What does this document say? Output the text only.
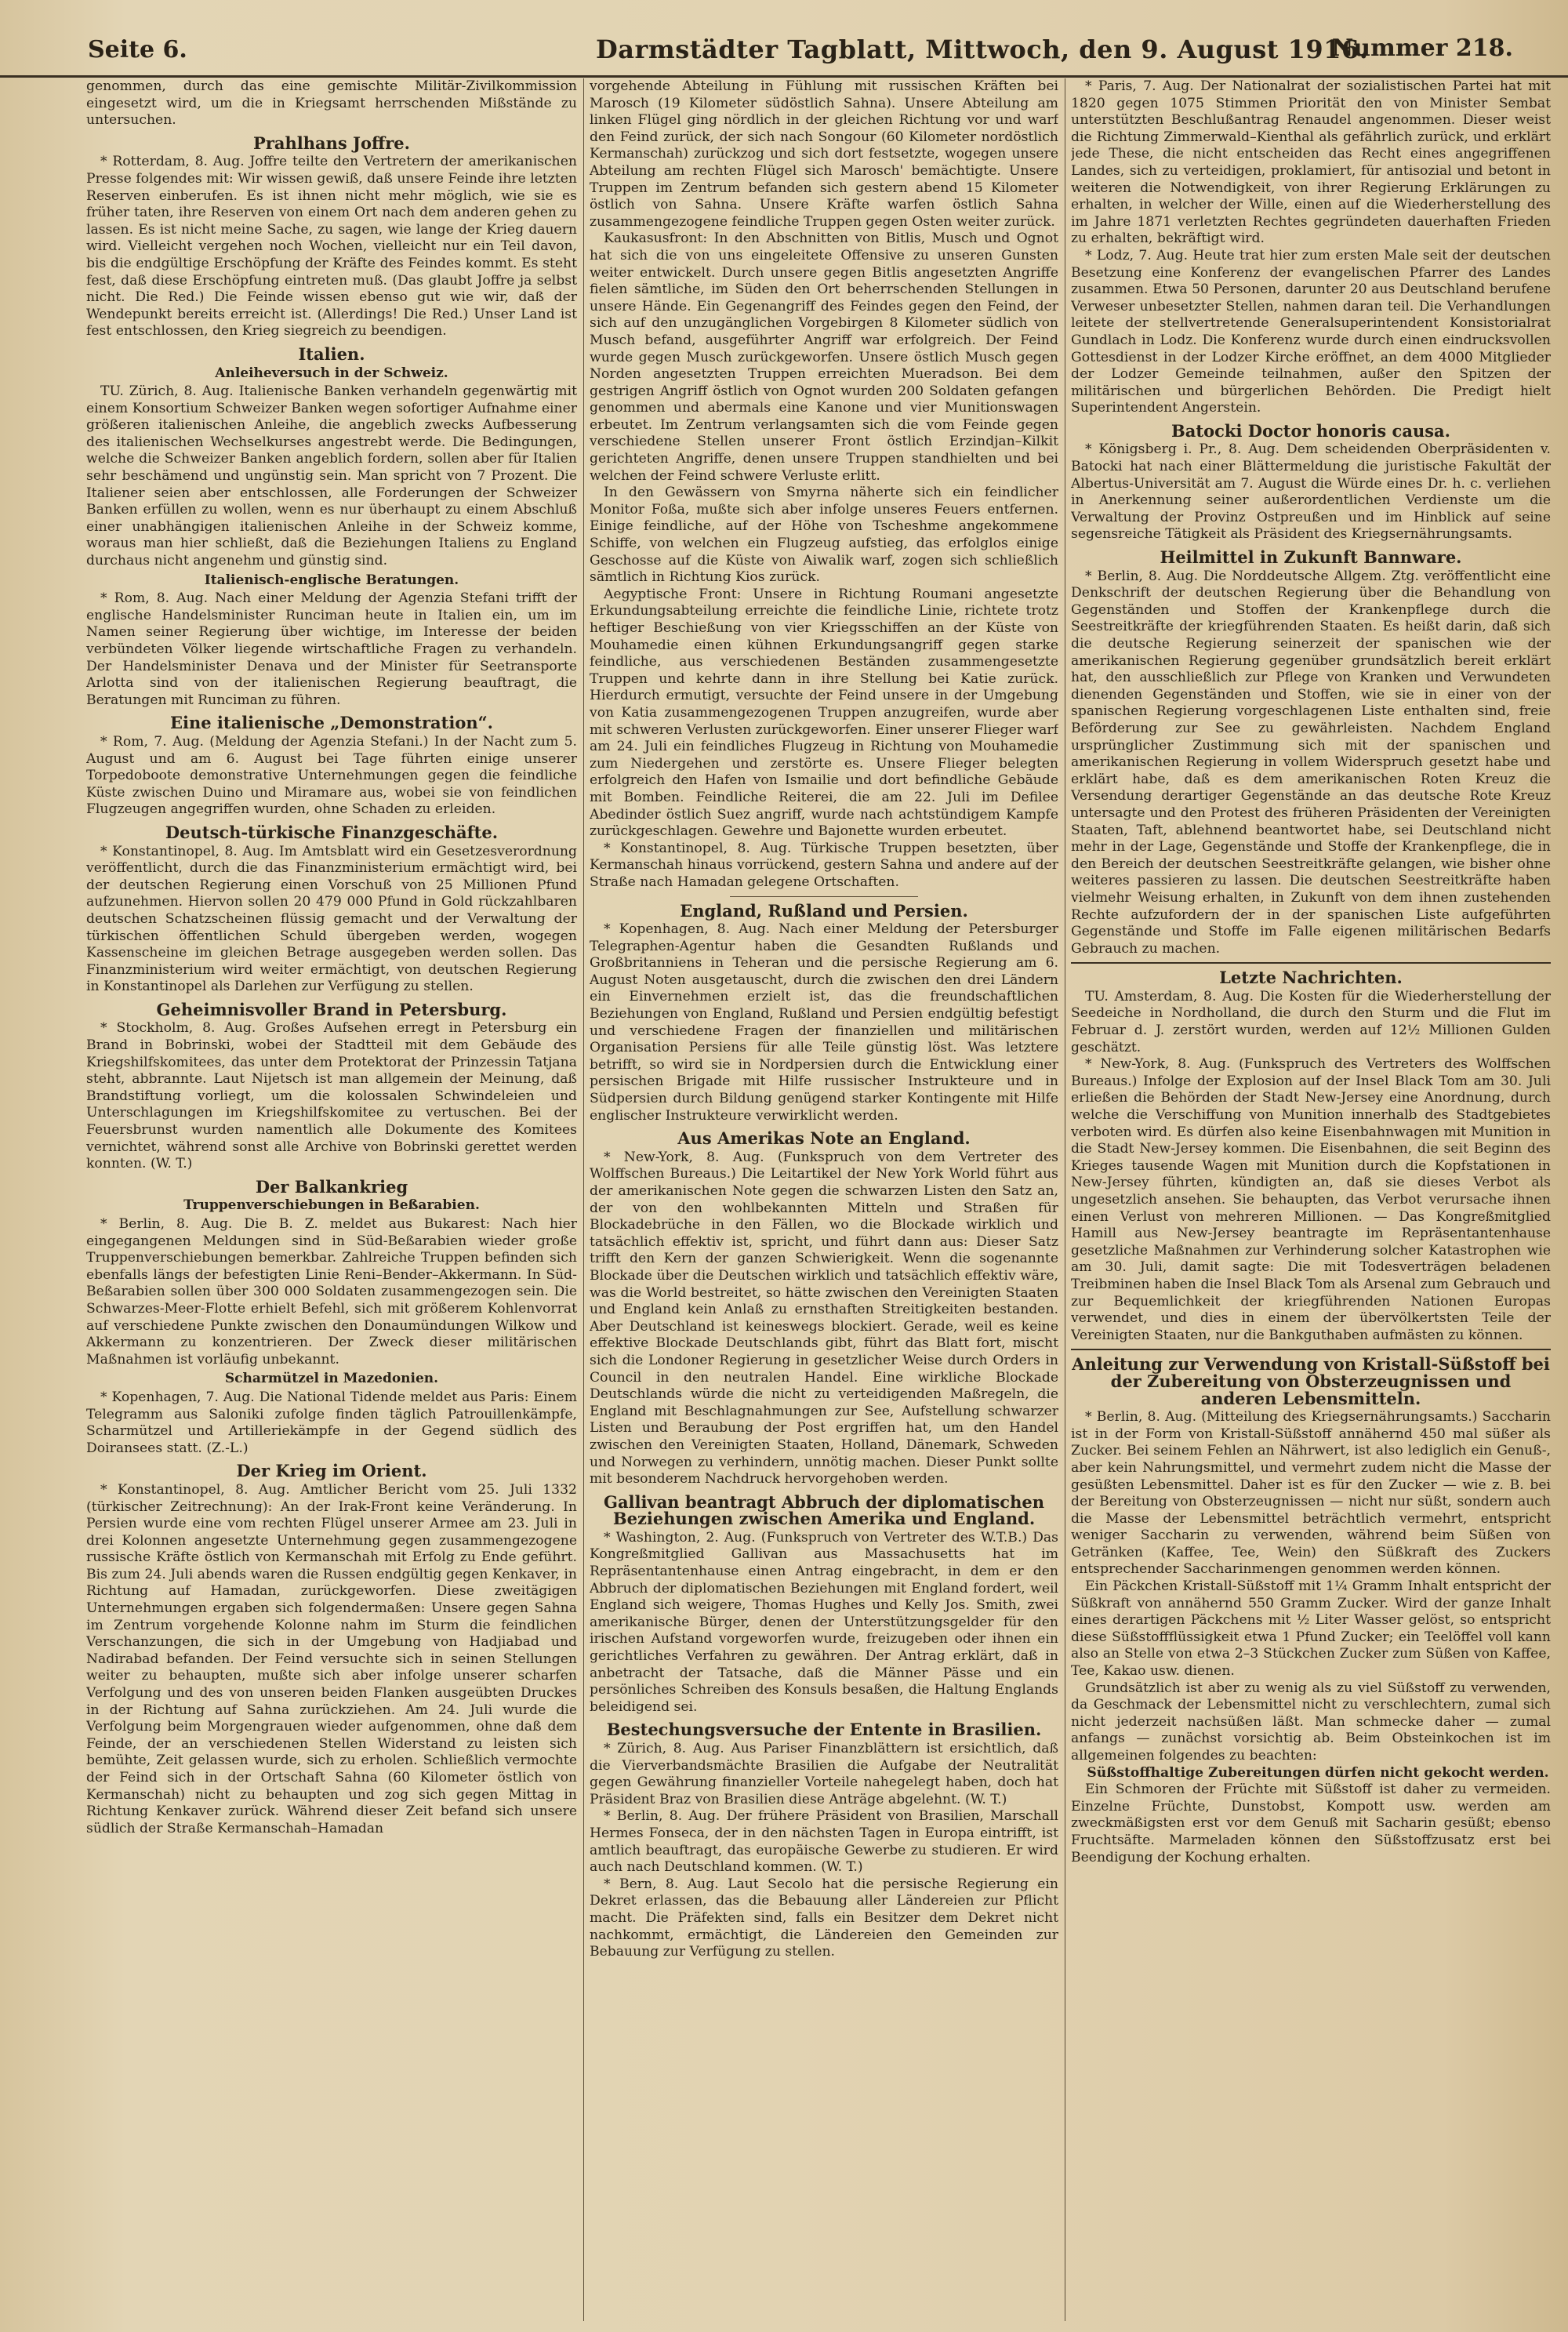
Seite 6.	Darmstädter Tagblatt, Mittwoch, den 9. August 1916.
Nummer 218.

genommen, durch das eine gemischte Militär-Zivilkommission eingesetzt wird, um die in Kriegsamt herrschenden Mißstände zu untersuchen.

Prahlhans Joffre.

* Rotterdam, 8. Aug. Joffre teilte den Vertretern der amerikanischen Presse folgendes mit: Wir wissen gewiß, daß unsere Feinde ihre letzten Reserven einberufen. Es ist ihnen nicht mehr möglich, wie sie es früher taten, ihre Reserven von einem Ort nach dem anderen gehen zu lassen. Es ist nicht meine Sache, zu sagen, wie lange der Krieg dauern wird. Vielleicht vergehen noch Wochen, vielleicht nur ein Teil davon, bis die endgültige Erschöpfung der Kräfte des Feindes kommt. Es steht fest, daß diese Erschöpfung eintreten muß. (Das glaubt Joffre ja selbst nicht. Die Red.) Die Feinde wissen ebenso gut wie wir, daß der Wendepunkt bereits erreicht ist. (Allerdings! Die Red.) Unser Land ist fest entschlossen, den Krieg siegreich zu beendigen.

Italien.
Anleiheversuch in der Schweiz.

TU. Zürich, 8. Aug. Italienische Banken verhandeln gegenwärtig mit einem Konsortium Schweizer Banken wegen sofortiger Aufnahme einer größeren italienischen Anleihe, die angeblich zwecks Aufbesserung des italienischen Wechselkurses angestrebt werde. Die Bedingungen, welche die Schweizer Banken angeblich fordern, sollen aber für Italien sehr beschämend und ungünstig sein. Man spricht von 7 Prozent. Die Italiener seien aber entschlossen, alle Forderungen der Schweizer Banken erfüllen zu wollen, wenn es nur überhaupt zu einem Abschluß einer unabhängigen italienischen Anleihe in der Schweiz komme, woraus man hier schließt, daß die Beziehungen Italiens zu England durchaus nicht angenehm und günstig sind.

Italienisch-englische Beratungen.

* Rom, 8. Aug. Nach einer Meldung der Agenzia Stefani trifft der englische Handelsminister Runciman heute in Italien ein, um im Namen seiner Regierung über wichtige, im Interesse der beiden verbündeten Völker liegende wirtschaftliche Fragen zu verhandeln. Der Handelsminister Denava und der Minister für Seetransporte Arlotta sind von der italienischen Regierung beauftragt, die Beratungen mit Runciman zu führen.

Eine italienische „Demonstration“.

* Rom, 7. Aug. (Meldung der Agenzia Stefani.) In der Nacht zum 5. August und am 6. August bei Tage führten einige unserer Torpedoboote demonstrative Unternehmungen gegen die feindliche Küste zwischen Duino und Miramare aus, wobei sie von feindlichen Flugzeugen angegriffen wurden, ohne Schaden zu erleiden.

Deutsch-türkische Finanzgeschäfte.

* Konstantinopel, 8. Aug. Im Amtsblatt wird ein Gesetzesverordnung veröffentlicht, durch die das Finanzministerium ermächtigt wird, bei der deutschen Regierung einen Vorschuß von 25 Millionen Pfund aufzunehmen. Hiervon sollen 20 479 000 Pfund in Gold rückzahlbaren deutschen Schatzscheinen flüssig gemacht und der Verwaltung der türkischen öffentlichen Schuld übergeben werden, wogegen Kassenscheine im gleichen Betrage ausgegeben werden sollen. Das Finanzministerium wird weiter ermächtigt, von deutschen Regierung in Konstantinopel als Darlehen zur Verfügung zu stellen.

Geheimnisvoller Brand in Petersburg.

* Stockholm, 8. Aug. Großes Aufsehen erregt in Petersburg ein Brand in Bobrinski, wobei der Stadtteil mit dem Gebäude des Kriegshilfskomitees, das unter dem Protektorat der Prinzessin Tatjana steht, abbrannte. Laut Nijetsch ist man allgemein der Meinung, daß Brandstiftung vorliegt, um die kolossalen Schwindeleien und Unterschlagungen im Kriegshilfskomitee zu vertuschen. Bei der Feuersbrunst wurden namentlich alle Dokumente des Komitees vernichtet, während sonst alle Archive von Bobrinski gerettet werden konnten. (W. T.)

Der Balkankrieg
Truppenverschiebungen in Beßarabien.

* Berlin, 8. Aug. Die B. Z. meldet aus Bukarest: Nach hier eingegangenen Meldungen sind in Süd-Beßarabien wieder große Truppenverschiebungen bemerkbar. Zahlreiche Truppen befinden sich ebenfalls längs der befestigten Linie Reni–Bender–Akkermann. In Süd-Beßarabien sollen über 300 000 Soldaten zusammengezogen sein. Die Schwarzes-Meer-Flotte erhielt Befehl, sich mit größerem Kohlenvorrat auf verschiedene Punkte zwischen den Donaumündungen Wilkow und Akkermann zu konzentrieren. Der Zweck dieser militärischen Maßnahmen ist vorläufig unbekannt.

Scharmützel in Mazedonien.

* Kopenhagen, 7. Aug. Die National Tidende meldet aus Paris: Einem Telegramm aus Saloniki zufolge finden täglich Patrouillenkämpfe, Scharmützel und Artilleriekämpfe in der Gegend südlich des Doiransees statt. (Z.-L.)

Der Krieg im Orient.

* Konstantinopel, 8. Aug. Amtlicher Bericht vom 25. Juli 1332 (türkischer Zeitrechnung): An der Irak-Front keine Veränderung. In Persien wurde eine vom rechten Flügel unserer Armee am 23. Juli in drei Kolonnen angesetzte Unternehmung gegen zusammengezogene russische Kräfte östlich von Kermanschah mit Erfolg zu Ende geführt. Bis zum 24. Juli abends waren die Russen endgültig gegen Kenkaver, in Richtung auf Hamadan, zurückgeworfen. Diese zweitägigen Unternehmungen ergaben sich folgendermaßen: Unsere gegen Sahna im Zentrum vorgehende Kolonne nahm im Sturm die feindlichen Verschanzungen, die sich in der Umgebung von Hadjiabad und Nadirabad befanden. Der Feind versuchte sich in seinen Stellungen weiter zu behaupten, mußte sich aber infolge unserer scharfen Verfolgung und des von unseren beiden Flanken ausgeübten Druckes in der Richtung auf Sahna zurückziehen. Am 24. Juli wurde die Verfolgung beim Morgengrauen wieder aufgenommen, ohne daß dem Feinde, der an verschiedenen Stellen Widerstand zu leisten sich bemühte, Zeit gelassen wurde, sich zu erholen. Schließlich vermochte der Feind sich in der Ortschaft Sahna (60 Kilometer östlich von Kermanschah) nicht zu behaupten und zog sich gegen Mittag in Richtung Kenkaver zurück. Während dieser Zeit befand sich unsere südlich der Straße Kermanschah–Hamadan

vorgehende Abteilung in Fühlung mit russischen Kräften bei Marosch (19 Kilometer südöstlich Sahna). Unsere Abteilung am linken Flügel ging nördlich in der gleichen Richtung vor und warf den Feind zurück, der sich nach Songour (60 Kilometer nordöstlich Kermanschah) zurückzog und sich dort festsetzte, wogegen unsere Abteilung am rechten Flügel sich Marosch' bemächtigte. Unsere Truppen im Zentrum befanden sich gestern abend 15 Kilometer östlich von Sahna. Unsere Kräfte warfen östlich Sahna zusammengezogene feindliche Truppen gegen Osten weiter zurück.

Kaukasusfront: In den Abschnitten von Bitlis, Musch und Ognot hat sich die von uns eingeleitete Offensive zu unseren Gunsten weiter entwickelt. Durch unsere gegen Bitlis angesetzten Angriffe fielen sämtliche, im Süden den Ort beherrschenden Stellungen in unsere Hände. Ein Gegenangriff des Feindes gegen den Feind, der sich auf den unzugänglichen Vorgebirgen 8 Kilometer südlich von Musch befand, ausgeführter Angriff war erfolgreich. Der Feind wurde gegen Musch zurückgeworfen. Unsere östlich Musch gegen Norden angesetzten Truppen erreichten Mueradson. Bei dem gestrigen Angriff östlich von Ognot wurden 200 Soldaten gefangen genommen und abermals eine Kanone und vier Munitionswagen erbeutet. Im Zentrum verlangsamten sich die vom Feinde gegen verschiedene Stellen unserer Front östlich Erzindjan–Kilkit gerichteten Angriffe, denen unsere Truppen standhielten und bei welchen der Feind schwere Verluste erlitt.

In den Gewässern von Smyrna näherte sich ein feindlicher Monitor Foßa, mußte sich aber infolge unseres Feuers entfernen. Einige feindliche, auf der Höhe von Tscheshme angekommene Schiffe, von welchen ein Flugzeug aufstieg, das erfolglos einige Geschosse auf die Küste von Aiwalik warf, zogen sich schließlich sämtlich in Richtung Kios zurück.

Aegyptische Front: Unsere in Richtung Roumani angesetzte Erkundungsabteilung erreichte die feindliche Linie, richtete trotz heftiger Beschießung von vier Kriegsschiffen an der Küste von Mouhamedie einen kühnen Erkundungsangriff gegen starke feindliche, aus verschiedenen Beständen zusammengesetzte Truppen und kehrte dann in ihre Stellung bei Katie zurück. Hierdurch ermutigt, versuchte der Feind unsere in der Umgebung von Katia zusammengezogenen Truppen anzugreifen, wurde aber mit schweren Verlusten zurückgeworfen. Einer unserer Flieger warf am 24. Juli ein feindliches Flugzeug in Richtung von Mouhamedie zum Niedergehen und zerstörte es. Unsere Flieger belegten erfolgreich den Hafen von Ismailie und dort befindliche Gebäude mit Bomben. Feindliche Reiterei, die am 22. Juli im Defilee Abedinder östlich Suez angriff, wurde nach achtstündigem Kampfe zurückgeschlagen. Gewehre und Bajonette wurden erbeutet.

* Konstantinopel, 8. Aug. Türkische Truppen besetzten, über Kermanschah hinaus vorrückend, gestern Sahna und andere auf der Straße nach Hamadan gelegene Ortschaften.

England, Rußland und Persien.

* Kopenhagen, 8. Aug. Nach einer Meldung der Petersburger Telegraphen-Agentur haben die Gesandten Rußlands und Großbritanniens in Teheran und die persische Regierung am 6. August Noten ausgetauscht, durch die zwischen den drei Ländern ein Einvernehmen erzielt ist, das die freundschaftlichen Beziehungen von England, Rußland und Persien endgültig befestigt und verschiedene Fragen der finanziellen und militärischen Organisation Persiens für alle Teile günstig löst. Was letztere betrifft, so wird sie in Nordpersien durch die Entwicklung einer persischen Brigade mit Hilfe russischer Instrukteure und in Südpersien durch Bildung genügend starker Kontingente mit Hilfe englischer Instrukteure verwirklicht werden.

Aus Amerikas Note an England.

* New-York, 8. Aug. (Funkspruch von dem Vertreter des Wolffschen Bureaus.) Die Leitartikel der New York World führt aus der amerikanischen Note gegen die schwarzen Listen den Satz an, der von den wohlbekannten Mitteln und Straßen für Blockadebrüche in den Fällen, wo die Blockade wirklich und tatsächlich effektiv ist, spricht, und führt dann aus: Dieser Satz trifft den Kern der ganzen Schwierigkeit. Wenn die sogenannte Blockade über die Deutschen wirklich und tatsächlich effektiv wäre, was die World bestreitet, so hätte zwischen den Vereinigten Staaten und England kein Anlaß zu ernsthaften Streitigkeiten bestanden. Aber Deutschland ist keineswegs blockiert. Gerade, weil es keine effektive Blockade Deutschlands gibt, führt das Blatt fort, mischt sich die Londoner Regierung in gesetzlicher Weise durch Orders in Council in den neutralen Handel. Eine wirkliche Blockade Deutschlands würde die nicht zu verteidigenden Maßregeln, die England mit Beschlagnahmungen zur See, Aufstellung schwarzer Listen und Beraubung der Post ergriffen hat, um den Handel zwischen den Vereinigten Staaten, Holland, Dänemark, Schweden und Norwegen zu verhindern, unnötig machen. Dieser Punkt sollte mit besonderem Nachdruck hervorgehoben werden.

Gallivan beantragt Abbruch der diplomatischen Beziehungen zwischen Amerika und England.

* Washington, 2. Aug. (Funkspruch von Vertreter des W.T.B.) Das Kongreßmitglied Gallivan aus Massachusetts hat im Repräsentantenhause einen Antrag eingebracht, in dem er den Abbruch der diplomatischen Beziehungen mit England fordert, weil England sich weigere, Thomas Hughes und Kelly Jos. Smith, zwei amerikanische Bürger, denen der Unterstützungsgelder für den irischen Aufstand vorgeworfen wurde, freizugeben oder ihnen ein gerichtliches Verfahren zu gewähren. Der Antrag erklärt, daß in anbetracht der Tatsache, daß die Männer Pässe und ein persönliches Schreiben des Konsuls besaßen, die Haltung Englands beleidigend sei.

Bestechungsversuche der Entente in Brasilien.

* Zürich, 8. Aug. Aus Pariser Finanzblättern ist ersichtlich, daß die Vierverbandsmächte Brasilien die Aufgabe der Neutralität gegen Gewährung finanzieller Vorteile nahegelegt haben, doch hat Präsident Braz von Brasilien diese Anträge abgelehnt. (W. T.)

* Berlin, 8. Aug. Der frühere Präsident von Brasilien, Marschall Hermes Fonseca, der in den nächsten Tagen in Europa eintrifft, ist amtlich beauftragt, das europäische Gewerbe zu studieren. Er wird auch nach Deutschland kommen. (W. T.)

* Bern, 8. Aug. Laut Secolo hat die persische Regierung ein Dekret erlassen, das die Bebauung aller Ländereien zur Pflicht macht. Die Präfekten sind, falls ein Besitzer dem Dekret nicht nachkommt, ermächtigt, die Ländereien den Gemeinden zur Bebauung zur Verfügung zu stellen.

* Paris, 7. Aug. Der Nationalrat der sozialistischen Partei hat mit 1820 gegen 1075 Stimmen Priorität den von Minister Sembat unterstützten Beschlußantrag Renaudel angenommen. Dieser weist die Richtung Zimmerwald–Kienthal als gefährlich zurück, und erklärt jede These, die nicht entscheiden das Recht eines angegriffenen Landes, sich zu verteidigen, proklamiert, für antisozial und betont in weiteren die Notwendigkeit, von ihrer Regierung Erklärungen zu erhalten, in welcher der Wille, einen auf die Wiederherstellung des im Jahre 1871 verletzten Rechtes gegründeten dauerhaften Frieden zu erhalten, bekräftigt wird.

* Lodz, 7. Aug. Heute trat hier zum ersten Male seit der deutschen Besetzung eine Konferenz der evangelischen Pfarrer des Landes zusammen. Etwa 50 Personen, darunter 20 aus Deutschland berufene Verweser unbesetzter Stellen, nahmen daran teil. Die Verhandlungen leitete der stellvertretende Generalsuperintendent Konsistorialrat Gundlach in Lodz. Die Konferenz wurde durch einen eindrucksvollen Gottesdienst in der Lodzer Kirche eröffnet, an dem 4000 Mitglieder der Lodzer Gemeinde teilnahmen, außer den Spitzen der militärischen und bürgerlichen Behörden. Die Predigt hielt Superintendent Angerstein.

Batocki Doctor honoris causa.

* Königsberg i. Pr., 8. Aug. Dem scheidenden Oberpräsidenten v. Batocki hat nach einer Blättermeldung die juristische Fakultät der Albertus-Universität am 7. August die Würde eines Dr. h. c. verliehen in Anerkennung seiner außerordentlichen Verdienste um die Verwaltung der Provinz Ostpreußen und im Hinblick auf seine segensreiche Tätigkeit als Präsident des Kriegsernährungsamts.

Heilmittel in Zukunft Bannware.

* Berlin, 8. Aug. Die Norddeutsche Allgem. Ztg. veröffentlicht eine Denkschrift der deutschen Regierung über die Behandlung von Gegenständen und Stoffen der Krankenpflege durch die Seestreitkräfte der kriegführenden Staaten. Es heißt darin, daß sich die deutsche Regierung seinerzeit der spanischen wie der amerikanischen Regierung gegenüber grundsätzlich bereit erklärt hat, den ausschließlich zur Pflege von Kranken und Verwundeten dienenden Gegenständen und Stoffen, wie sie in einer von der spanischen Regierung vorgeschlagenen Liste enthalten sind, freie Beförderung zur See zu gewährleisten. Nachdem England ursprünglicher Zustimmung sich mit der spanischen und amerikanischen Regierung in vollem Widerspruch gesetzt habe und erklärt habe, daß es dem amerikanischen Roten Kreuz die Versendung derartiger Gegenstände an das deutsche Rote Kreuz untersagte und den Protest des früheren Präsidenten der Vereinigten Staaten, Taft, ablehnend beantwortet habe, sei Deutschland nicht mehr in der Lage, Gegenstände und Stoffe der Krankenpflege, die in den Bereich der deutschen Seestreitkräfte gelangen, wie bisher ohne weiteres passieren zu lassen. Die deutschen Seestreitkräfte haben vielmehr Weisung erhalten, in Zukunft von dem ihnen zustehenden Rechte aufzufordern der in der spanischen Liste aufgeführten Gegenstände und Stoffe im Falle eigenen militärischen Bedarfs Gebrauch zu machen.

Letzte Nachrichten.

TU. Amsterdam, 8. Aug. Die Kosten für die Wiederherstellung der Seedeiche in Nordholland, die durch den Sturm und die Flut im Februar d. J. zerstört wurden, werden auf 12½ Millionen Gulden geschätzt.

* New-York, 8. Aug. (Funkspruch des Vertreters des Wolffschen Bureaus.) Infolge der Explosion auf der Insel Black Tom am 30. Juli erließen die Behörden der Stadt New-Jersey eine Anordnung, durch welche die Verschiffung von Munition innerhalb des Stadtgebietes verboten wird. Es dürfen also keine Eisenbahnwagen mit Munition in die Stadt New-Jersey kommen. Die Eisenbahnen, die seit Beginn des Krieges tausende Wagen mit Munition durch die Kopfstationen in New-Jersey führten, kündigten an, daß sie dieses Verbot als ungesetzlich ansehen. Sie behaupten, das Verbot verursache ihnen einen Verlust von mehreren Millionen. — Das Kongreßmitglied Hamill aus New-Jersey beantragte im Repräsentantenhause gesetzliche Maßnahmen zur Verhinderung solcher Katastrophen wie am 30. Juli, damit sagte: Die mit Todesverträgen beladenen Treibminen haben die Insel Black Tom als Arsenal zum Gebrauch und zur Bequemlichkeit der kriegführenden Nationen Europas verwendet, und dies in einem der übervölkertsten Teile der Vereinigten Staaten, nur die Bankguthaben aufmästen zu können.

Anleitung zur Verwendung von Kristall-Süßstoff bei der Zubereitung von Obsterzeugnissen und anderen Lebensmitteln.

* Berlin, 8. Aug. (Mitteilung des Kriegsernährungsamts.) Saccharin ist in der Form von Kristall-Süßstoff annähernd 450 mal süßer als Zucker. Bei seinem Fehlen an Nährwert, ist also lediglich ein Genuß-, aber kein Nahrungsmittel, und vermehrt zudem nicht die Masse der gesüßten Lebensmittel. Daher ist es für den Zucker — wie z. B. bei der Bereitung von Obsterzeugnissen — nicht nur süßt, sondern auch die Masse der Lebensmittel beträchtlich vermehrt, entspricht weniger Saccharin zu verwenden, während beim Süßen von Getränken (Kaffee, Tee, Wein) den Süßkraft des Zuckers entsprechender Saccharinmengen genommen werden können.

Ein Päckchen Kristall-Süßstoff mit 1¼ Gramm Inhalt entspricht der Süßkraft von annähernd 550 Gramm Zucker. Wird der ganze Inhalt eines derartigen Päckchens mit ½ Liter Wasser gelöst, so entspricht diese Süßstoffflüssigkeit etwa 1 Pfund Zucker; ein Teelöffel voll kann also an Stelle von etwa 2–3 Stückchen Zucker zum Süßen von Kaffee, Tee, Kakao usw. dienen.

Grundsätzlich ist aber zu wenig als zu viel Süßstoff zu verwenden, da Geschmack der Lebensmittel nicht zu verschlechtern, zumal sich nicht jederzeit nachsüßen läßt. Man schmecke daher — zumal anfangs — zunächst vorsichtig ab. Beim Obsteinkochen ist im allgemeinen folgendes zu beachten:

Süßstoffhaltige Zubereitungen dürfen nicht gekocht werden.

Ein Schmoren der Früchte mit Süßstoff ist daher zu vermeiden. Einzelne Früchte, Dunstobst, Kompott usw. werden am zweckmäßigsten erst vor dem Genuß mit Sacharin gesüßt; ebenso Fruchtsäfte. Marmeladen können den Süßstoffzusatz erst bei Beendigung der Kochung erhalten.
